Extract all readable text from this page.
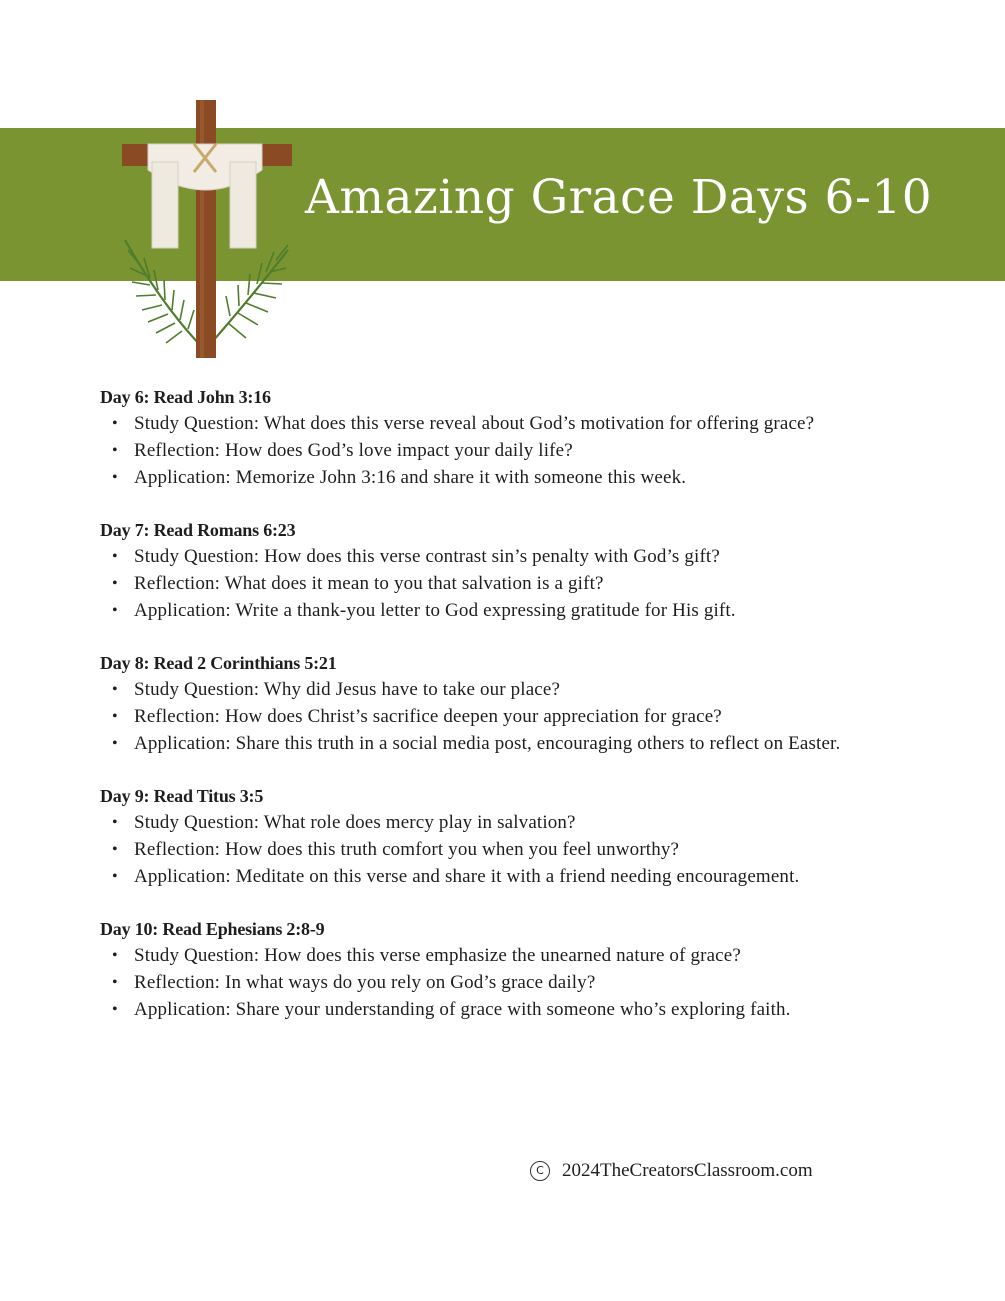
Amazing Grace Days 6-10

Day 6: Read John 3:16

• Study Question: What does this verse reveal about God’s motivation for offering grace?
• Reflection: How does God’s love impact your daily life?
• Application: Memorize John 3:16 and share it with someone this week.

Day 7: Read Romans 6:23

• Study Question: How does this verse contrast sin’s penalty with God’s gift?
• Reflection: What does it mean to you that salvation is a gift?
• Application: Write a thank-you letter to God expressing gratitude for His gift.

Day 8: Read 2 Corinthians 5:21

• Study Question: Why did Jesus have to take our place?
• Reflection: How does Christ’s sacrifice deepen your appreciation for grace?
• Application: Share this truth in a social media post, encouraging others to reflect on Easter.

Day 9: Read Titus 3:5

• Study Question: What role does mercy play in salvation?
• Reflection: How does this truth comfort you when you feel unworthy?
• Application: Meditate on this verse and share it with a friend needing encouragement.

Day 10: Read Ephesians 2:8-9

• Study Question: How does this verse emphasize the unearned nature of grace?
• Reflection: In what ways do you rely on God’s grace daily?
• Application: Share your understanding of grace with someone who’s exploring faith.
C 2024TheCreatorsClassroom.com
